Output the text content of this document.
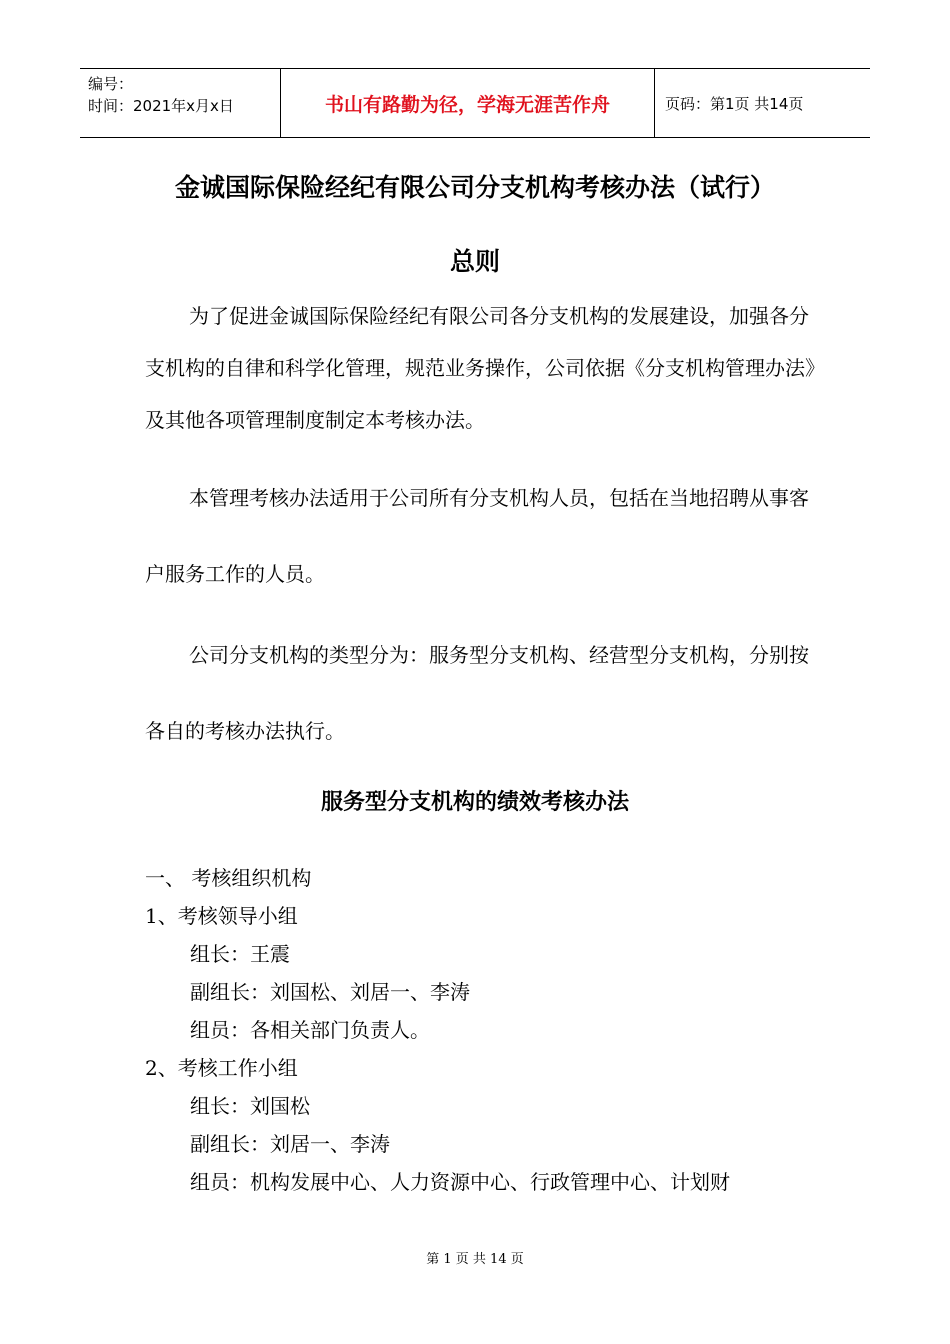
编号：
时间：2021年x月x日	书山有路勤为径，学海无涯苦作舟	页码：第1页 共14页
金诚国际保险经纪有限公司分支机构考核办法（试行）
总则
为了促进金诚国际保险经纪有限公司各分支机构的发展建设，加强各分支机构的自律和科学化管理，规范业务操作，公司依据《分支机构管理办法》及其他各项管理制度制定本考核办法。
本管理考核办法适用于公司所有分支机构人员，包括在当地招聘从事客户服务工作的人员。
公司分支机构的类型分为：服务型分支机构、经营型分支机构，分别按各自的考核办法执行。
服务型分支机构的绩效考核办法
一、 考核组织机构
1、考核领导小组
组长：王震
副组长：刘国松、刘居一、李涛
组员：各相关部门负责人。
2、考核工作小组
组长：刘国松
副组长：刘居一、李涛
组员：机构发展中心、人力资源中心、行政管理中心、计划财
第 1 页 共 14 页
